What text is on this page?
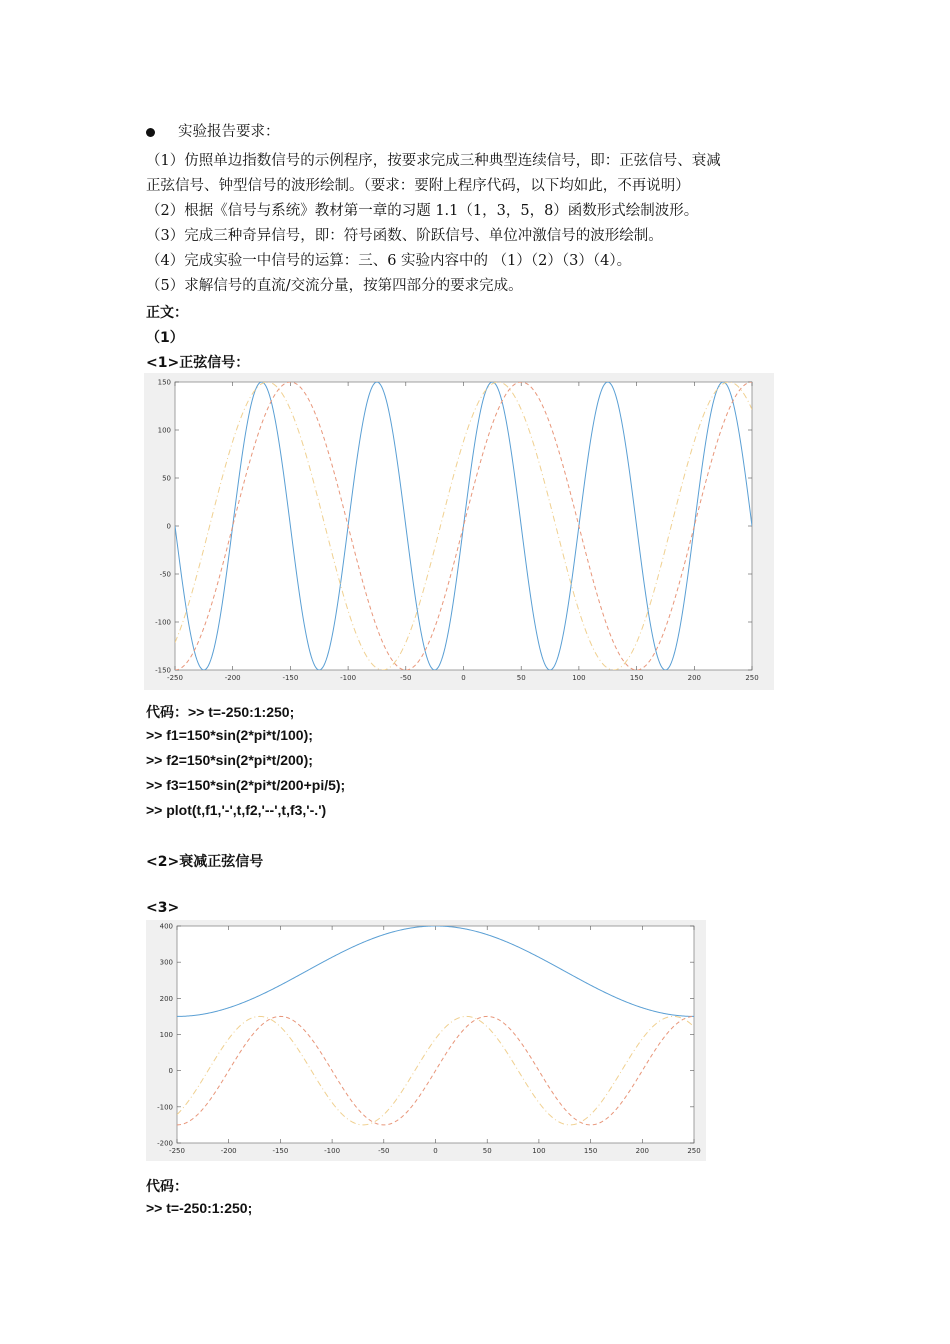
实验报告要求：
（1）仿照单边指数信号的示例程序，按要求完成三种典型连续信号，即：正弦信号、衰减
正弦信号、钟型信号的波形绘制。（要求：要附上程序代码，以下均如此，不再说明）
（2）根据《信号与系统》教材第一章的习题 1.1（1，3，5，8）函数形式绘制波形。
（3）完成三种奇异信号，即：符号函数、阶跃信号、单位冲激信号的波形绘制。
（4）完成实验一中信号的运算：三、6 实验内容中的 （1）（2）（3）（4）。
（5）求解信号的直流/交流分量，按第四部分的要求完成。
正文：
（1）
<1>正弦信号：
-250	-200	-150	-100	-50	0	50	100	150	200	250
150
100
50
0
-50
-100
-150
代码：>> t=-250:1:250;
>> f1=150*sin(2*pi*t/100);
>> f2=150*sin(2*pi*t/200);
>> f3=150*sin(2*pi*t/200+pi/5);
>> plot(t,f1,'-',t,f2,'--',t,f3,'-.')
<2>衰减正弦信号
<3>
-250	-200	-150	-100	-50	0	50	100	150	200	250
400
300
200
100
0
-100
-200
代码：
>> t=-250:1:250;
